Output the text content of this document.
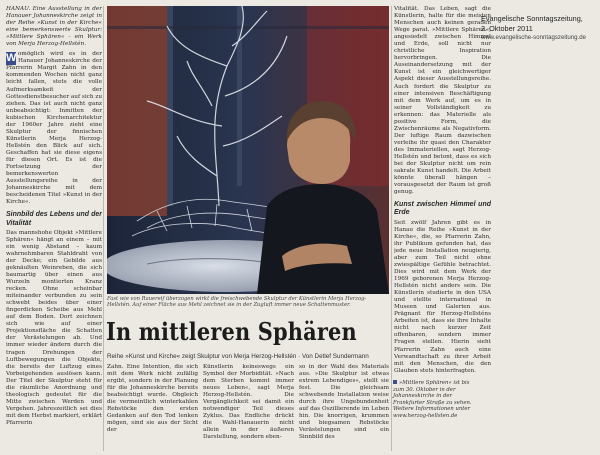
Evangelische Sonntagszeitung,
2. Oktober 2011
www.evangelische-sonntagszeitung.de

HANAU. Eine Ausstellung in der Hanauer Johanneskirche zeigt in der Reihe »Kunst in der Kirche« eine bemerkenswerte Skulptur: »Mittlere Sphären« – ein Werk von Merja Herzog-Hellstén.

W omöglich wird es in der Hanauer Johanneskirche der Pfarrerin Margit Zahn in den kommenden Wochen nicht ganz leicht fallen, stets die volle Aufmerksamkeit der Gottesdienstbesucher auf sich zu ziehen. Das ist auch nicht ganz unbeabsichtigt: Inmitten der kubischen Kirchenarchitektur der 1960er Jahre zieht eine Skulptur der finnischen Künstlerin Merja Herzog-Hellstén den Blick auf sich. Geschaffen hat sie diese eigens für diesen Ort. Es ist die Fortsetzung der bemerkenswerten Ausstellungsreihe in der Johanneskirche mit dem bescheidenen Titel »Kunst in der Kirche«.

Sinnbild des Lebens und der Vitalität

Das mannshohe Objekt »Mittlere Sphären« hängt an einem – mit ein wenig Abstand – kaum wahrnehmbaren Stahldraht von der Decke; ein Gebilde aus geknäulten Weinreben, die sich baumartig über einen aus Wurzeln montierten Kranz recken. Ohne scheinbar miteinander verbunden zu sein schwebt beides über einer fingerdicken Scheibe aus Mehl auf dem Boden. Dort zeichnen sich wie auf einer Projektionsfläche die Schatten der Verästelungen ab. Und immer wieder ändern durch die tragen Drehungen der Luftbewegungen die Objekte, die bereits der Luftzug eines Vorbeigehenden auslösen kann. Der Titel der Skulptur steht für die räumliche Anordnung und theologisch gedeutet für die Mitte zwischen Werden und Vergehen. Jahreszeitlich sei dies mit dem Herbst markiert, erklärt Pfarrerin

Fast wie von Rauereif überzogen wirkt die freischwebende Skulptur der Künstlerin Merja Herzog-Hellstén. Auf einer Fläche aus Mehl zeichnet sie in der Zugluft immer neue Schattenmuster.

Vitalität. Das Leben, sagt die Künstlerin, halte für die meisten Menschen auch keinen geraden Wege parat. »Mittlere Sphären«, angesiedelt zwischen Himmel und Erde, soll nicht nur christliche Inspiration hervorbringen. Die Auseinandersetzung mit der Kunst ist ein gleichwertiger Aspekt dieser Ausstellungsreihe. Auch fordert die Skulptur zu einer intensiven Beschäftigung mit dem Werk auf, um es in seiner Vollständigkeit zu erkennen: das Materielle als positive Form, die Zwischenräume als Negativform. Der luftige Raum dazwischen verleihe ihr quasi den Charakter des Immateriellen, sagt Herzog-Hellstén und betont, dass es sich bei der Skulptur nicht um rein sakrale Kunst handelt. Die Arbeit könnte überall hängen – vorausgesetzt der Raum ist groß genug.

Kunst zwischen Himmel und Erde

Seit zwölf Jahren gibt es in Hanau die Reihe »Kunst in der Kirche«, die, so Pfarrerin Zahn, ihr Publikum gefunden hat, das jede neue Installation neugierig, aber zum Teil nicht ohne zwiespältige Gefühle betrachtet. Dies wird mit dem Werk der 1969 geborenen Merja Herzog-Hellstén nicht anders sein. Die Künstlerin studierte in den USA und stellte international in Museen und Galerien aus. Prägnant für Herzog-Hellsténs Arbeiten ist, dass sie ihre Inhalte nicht nach kurzer Zeit offenbaren, sondern immer Fragen stellen. Hierin sieht Pfarrerin Zahn auch eine Verwandtschaft zu ihrer Arbeit mit den Menschen, die den Glauben stets hinterfragten.

In mittleren Sphären
Reihe »Kunst und Kirche« zeigt Skulptur von Merja Herzog-Hellstén · Von Detlef Sundermann
Zahn. Eine Intention, die sich mit dem Werk nicht zufällig ergibt, sondern in der Planung für die Johanneskirche bereits beabsichtigt wurde. Obgleich die vermeintlich winterkahlen Rebstöcke den ersten Gedanken auf den Tod lenken mögen, sind sie aus der Sicht der
Künstlerin keineswegs ein Symbol der Morbidität. »Nach dem Sterben kommt immer neues Leben«, sagt Merja Herzog-Hellstén. Die Vergänglichkeit sei damit ein notwendiger Teil dieses Zyklus. Das Endliche drückt die Wahl-Hanauerin nicht allein in der äußeren Darstellung, sondern eben-
so in der Wahl des Materials aus. »Die Skulptur ist etwas extrem Lebendiges«, stellt sie fest. Die gleichsam schwebende Installation weise durch ihre Ungebundenheit auf das Oszillierende im Leben hin. Die knorrigen, krummen und biegsamen Rebstöcke Verästelungen sind ein Sinnbild des
»Mittlere Sphären« ist bis zum 30. Oktober in der Johanneskirche in der Frankfurter Straße zu sehen. Weitere Informationen unter www.herzog-hellsten.de
